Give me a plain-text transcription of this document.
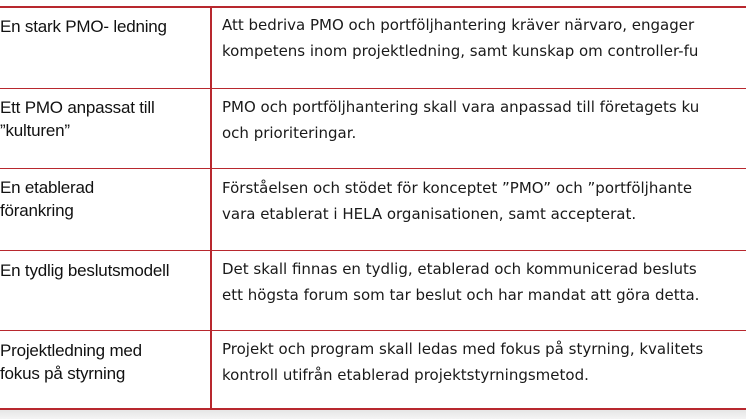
En stark PMO- ledning	Att bedriva PMO och portföljhantering kräver närvaro, engager
kompetens inom projektledning, samt kunskap om controller-fu
Ett PMO anpassat till
”kulturen”
PMO och portföljhantering skall vara anpassad till företagets ku
och prioriteringar.
En etablerad
förankring
Förståelsen och stödet för konceptet ”PMO” och ”portföljhante
vara etablerat i HELA organisationen, samt accepterat.
En tydlig beslutsmodell	Det skall finnas en tydlig, etablerad och kommunicerad besluts
ett högsta forum som tar beslut och har mandat att göra detta.
Projektledning med
fokus på styrning
Projekt och program skall ledas med fokus på styrning, kvalitets
kontroll utifrån etablerad projektstyrningsmetod.
